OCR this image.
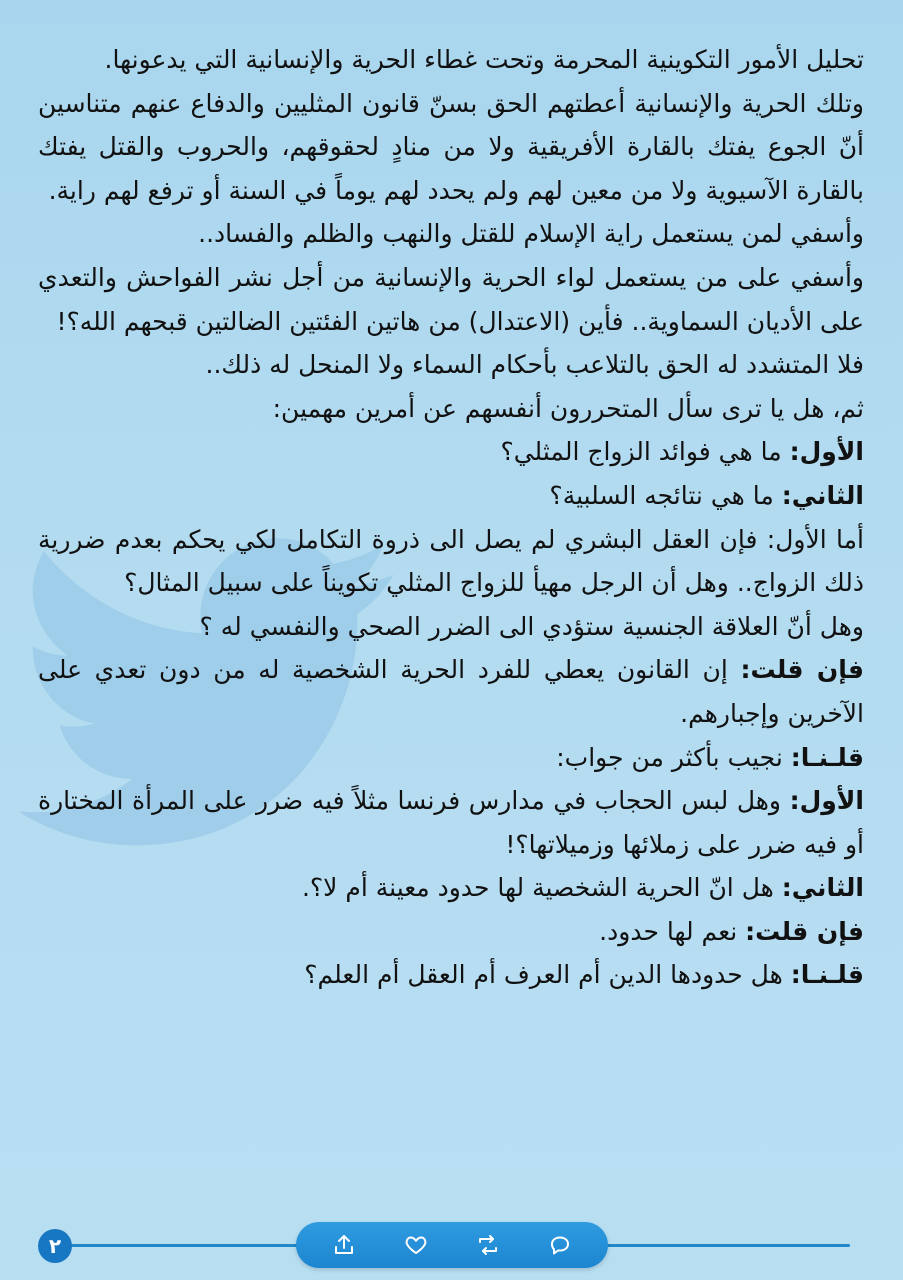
تحليل الأمور التكوينية المحرمة وتحت غطاء الحرية والإنسانية التي يدعونها.

وتلك الحرية والإنسانية أعطتهم الحق بسنّ قانون المثليين والدفاع عنهم متناسين أنّ الجوع يفتك بالقارة الأفريقية ولا من منادٍ لحقوقهم، والحروب والقتل يفتك بالقارة الآسيوية ولا من معين لهم ولم يحدد لهم يوماً في السنة أو ترفع لهم راية.

وأسفي لمن يستعمل راية الإسلام للقتل والنهب والظلم والفساد..

وأسفي على من يستعمل لواء الحرية والإنسانية من أجل نشر الفواحش والتعدي على الأديان السماوية.. فأين (الاعتدال) من هاتين الفئتين الضالتين قبحهم الله؟!

فلا المتشدد له الحق بالتلاعب بأحكام السماء ولا المنحل له ذلك..

ثم، هل يا ترى سأل المتحررون أنفسهم عن أمرين مهمين:

الأول: ما هي فوائد الزواج المثلي؟

الثاني: ما هي نتائجه السلبية؟

أما الأول: فإن العقل البشري لم يصل الى ذروة التكامل لكي يحكم بعدم ضررية ذلك الزواج.. وهل أن الرجل مهيأ للزواج المثلي تكويناً على سبيل المثال؟

وهل أنّ العلاقة الجنسية ستؤدي الى الضرر الصحي والنفسي له ؟

فإن قلت: إن القانون يعطي للفرد الحرية الشخصية له من دون تعدي على الآخرين وإجبارهم.

قلـنـا: نجيب بأكثر من جواب:

الأول: وهل لبس الحجاب في مدارس فرنسا مثلاً فيه ضرر على المرأة المختارة أو فيه ضرر على زملائها وزميلاتها؟!

الثاني: هل انّ الحرية الشخصية لها حدود معينة أم لا؟.

فإن قلت: نعم لها حدود.

قلـنـا: هل حدودها الدين أم العرف أم العقل أم العلم؟

٢
